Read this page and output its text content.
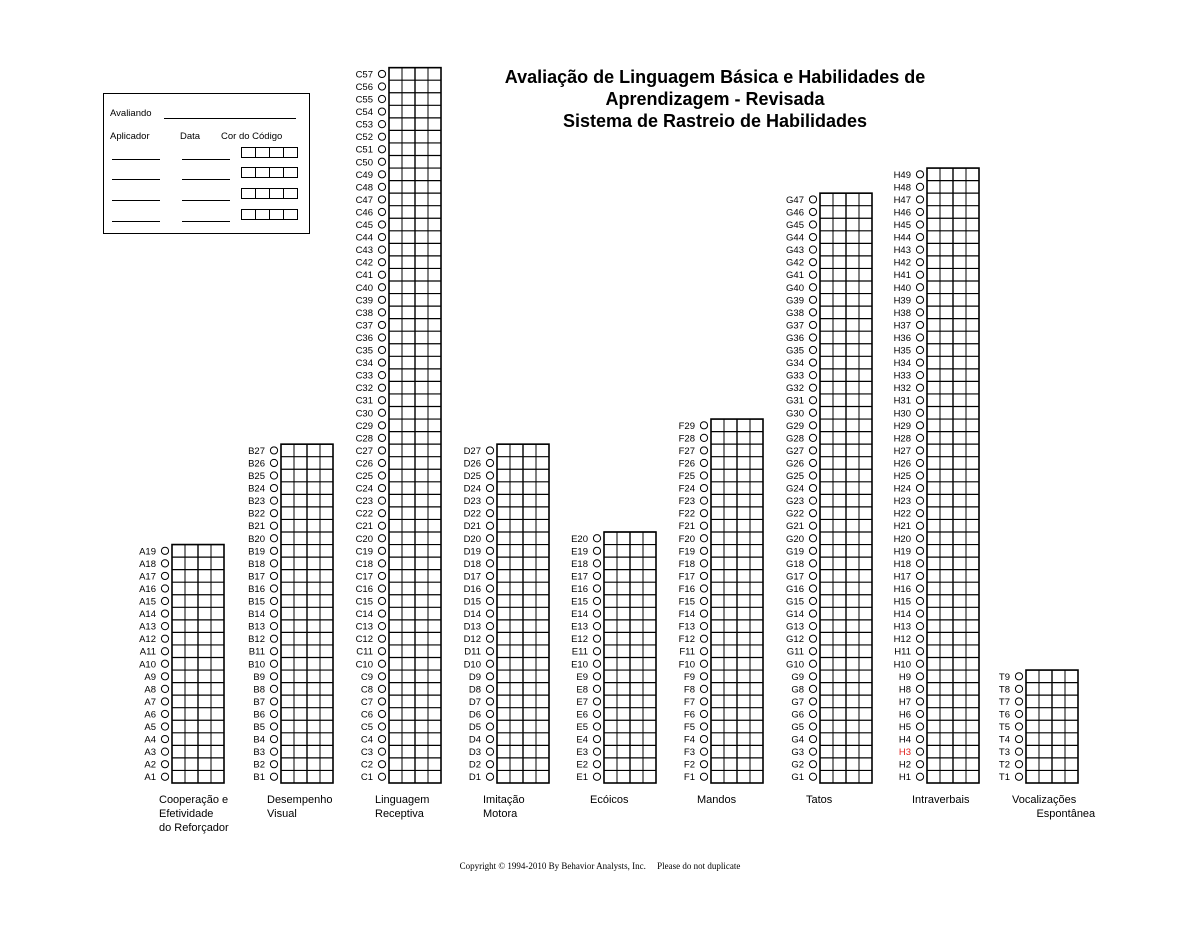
Avaliação de Linguagem Básica e Habilidades de
Aprendizagem - Revisada
Sistema de Rastreio de Habilidades
Avaliando
Aplicador	Data Cor do Código
A1
A2
A3
A4
A5
A6
A7
A8
A9
A10
A11
A12
A13
A14
A15
A16
A17
A18
A19
B1
B2
B3
B4
B5
B6
B7
B8
B9
B10
B11
B12
B13
B14
B15
B16
B17
B18
B19
B20
B21
B22
B23
B24
B25
B26
B27
C1
C2
C3
C4
C5
C6
C7
C8
C9
C10
C11
C12
C13
C14
C15
C16
C17
C18
C19
C20
C21
C22
C23
C24
C25
C26
C27
C28
C29
C30
C31
C32
C33
C34
C35
C36
C37
C38
C39
C40
C41
C42
C43
C44
C45
C46
C47
C48
C49
C50
C51
C52
C53
C54
C55
C56
C57
D1
D2
D3
D4
D5
D6
D7
D8
D9
D10
D11
D12
D13
D14
D15
D16
D17
D18
D19
D20
D21
D22
D23
D24
D25
D26
D27
E1
E2
E3
E4
E5
E6
E7
E8
E9
E10
E11
E12
E13
E14
E15
E16
E17
E18
E19
E20
F1
F2
F3
F4
F5
F6
F7
F8
F9
F10
F11
F12
F13
F14
F15
F16
F17
F18
F19
F20
F21
F22
F23
F24
F25
F26
F27
F28
F29
G1
G2
G3
G4
G5
G6
G7
G8
G9
G10
G11
G12
G13
G14
G15
G16
G17
G18
G19
G20
G21
G22
G23
G24
G25
G26
G27
G28
G29
G30
G31
G32
G33
G34
G35
G36
G37
G38
G39
G40
G41
G42
G43
G44
G45
G46
G47
H1
H2
H3
H4
H5
H6
H7
H8
H9
H10
H11
H12
H13
H14
H15
H16
H17
H18
H19
H20
H21
H22
H23
H24
H25
H26
H27
H28
H29
H30
H31
H32
H33
H34
H35
H36
H37
H38
H39
H40
H41
H42
H43
H44
H45
H46
H47
H48
H49
T1
T2
T3
T4
T5
T6
T7
T8
T9
Cooperação e
Efetividade
do Reforçador
Desempenho
Visual
Linguagem
Receptiva
Imitação
Motora
Ecóicos	Mandos	Tatos	Intraverbais	Vocalizações
Espontânea
Copyright © 1994-2010 By Behavior Analysts, Inc.     Please do not duplicate
